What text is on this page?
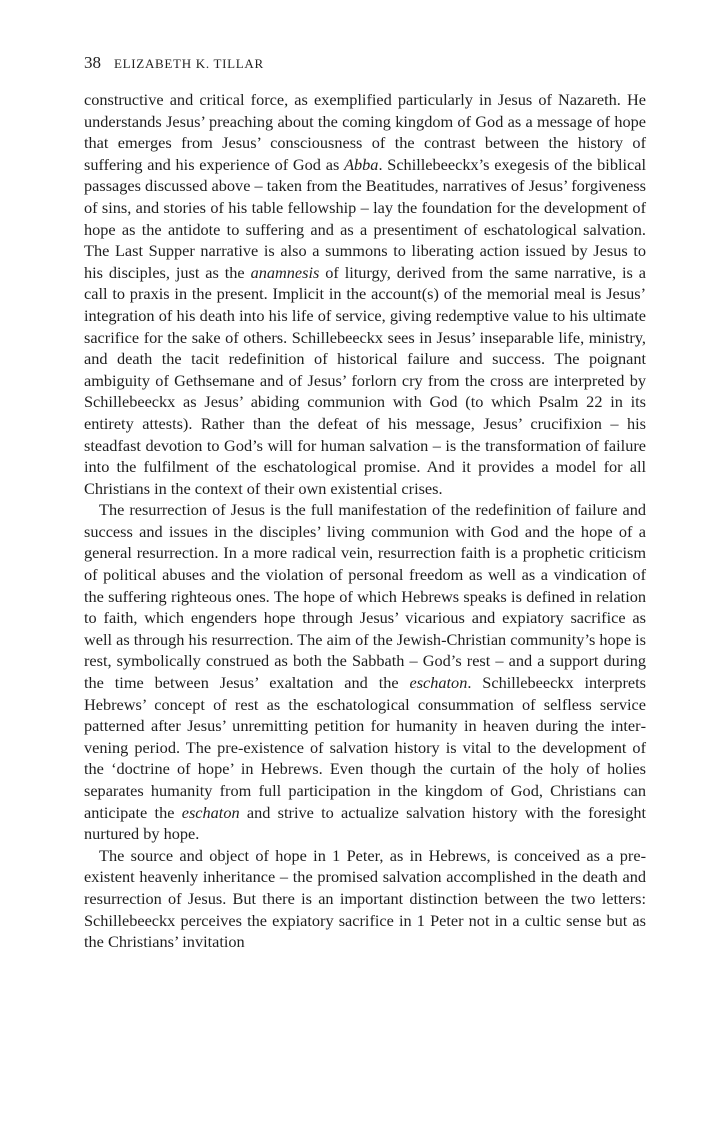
38 ELIZABETH K. TILLAR

constructive and critical force, as exemplified particularly in Jesus of Nazareth. He understands Jesus’ preaching about the coming kingdom of God as a message of hope that emerges from Jesus’ consciousness of the contrast between the history of suffering and his experience of God as Abba. Schillebeeckx’s exegesis of the biblical passages discussed above – taken from the Beatitudes, narratives of Jesus’ forgiveness of sins, and stories of his table fellowship – lay the foundation for the development of hope as the antidote to suffering and as a presentiment of eschatological salvation. The Last Supper narrative is also a summons to liberating action issued by Jesus to his disciples, just as the anamnesis of liturgy, derived from the same narrative, is a call to praxis in the present. Implicit in the account(s) of the memorial meal is Jesus’ integration of his death into his life of service, giving redemptive value to his ultimate sacrifice for the sake of others. Schillebeeckx sees in Jesus’ inseparable life, ministry, and death the tacit redefinition of historical failure and success. The poignant ambiguity of Gethsemane and of Jesus’ forlorn cry from the cross are interpreted by Schillebeeckx as Jesus’ abiding communion with God (to which Psalm 22 in its entirety attests). Rather than the defeat of his message, Jesus’ crucifixion – his steadfast devotion to God’s will for human salvation – is the transformation of failure into the fulfilment of the eschatological promise. And it provides a model for all Christians in the context of their own existential crises.

The resurrection of Jesus is the full manifestation of the redefinition of failure and success and issues in the disciples’ living communion with God and the hope of a general resurrection. In a more radical vein, resurrection faith is a prophetic criticism of political abuses and the violation of personal freedom as well as a vindication of the suffering righteous ones. The hope of which Hebrews speaks is defined in relation to faith, which engenders hope through Jesus’ vicarious and expiatory sacrifice as well as through his resurrection. The aim of the Jewish-Christian community’s hope is rest, symbolically construed as both the Sabbath – God’s rest – and a support during the time between Jesus’ exaltation and the eschaton. Schillebeeckx interprets Hebrews’ concept of rest as the eschatological consummation of selfless service patterned after Jesus’ unremitting petition for humanity in heaven during the intervening period. The pre-existence of salvation history is vital to the development of the ‘doctrine of hope’ in Hebrews. Even though the curtain of the holy of holies separates humanity from full participation in the kingdom of God, Christians can anticipate the eschaton and strive to actualize salvation history with the foresight nurtured by hope.

The source and object of hope in 1 Peter, as in Hebrews, is conceived as a pre-existent heavenly inheritance – the promised salvation accomplished in the death and resurrection of Jesus. But there is an important distinction between the two letters: Schillebeeckx perceives the expiatory sacrifice in 1 Peter not in a cultic sense but as the Christians’ invitation
